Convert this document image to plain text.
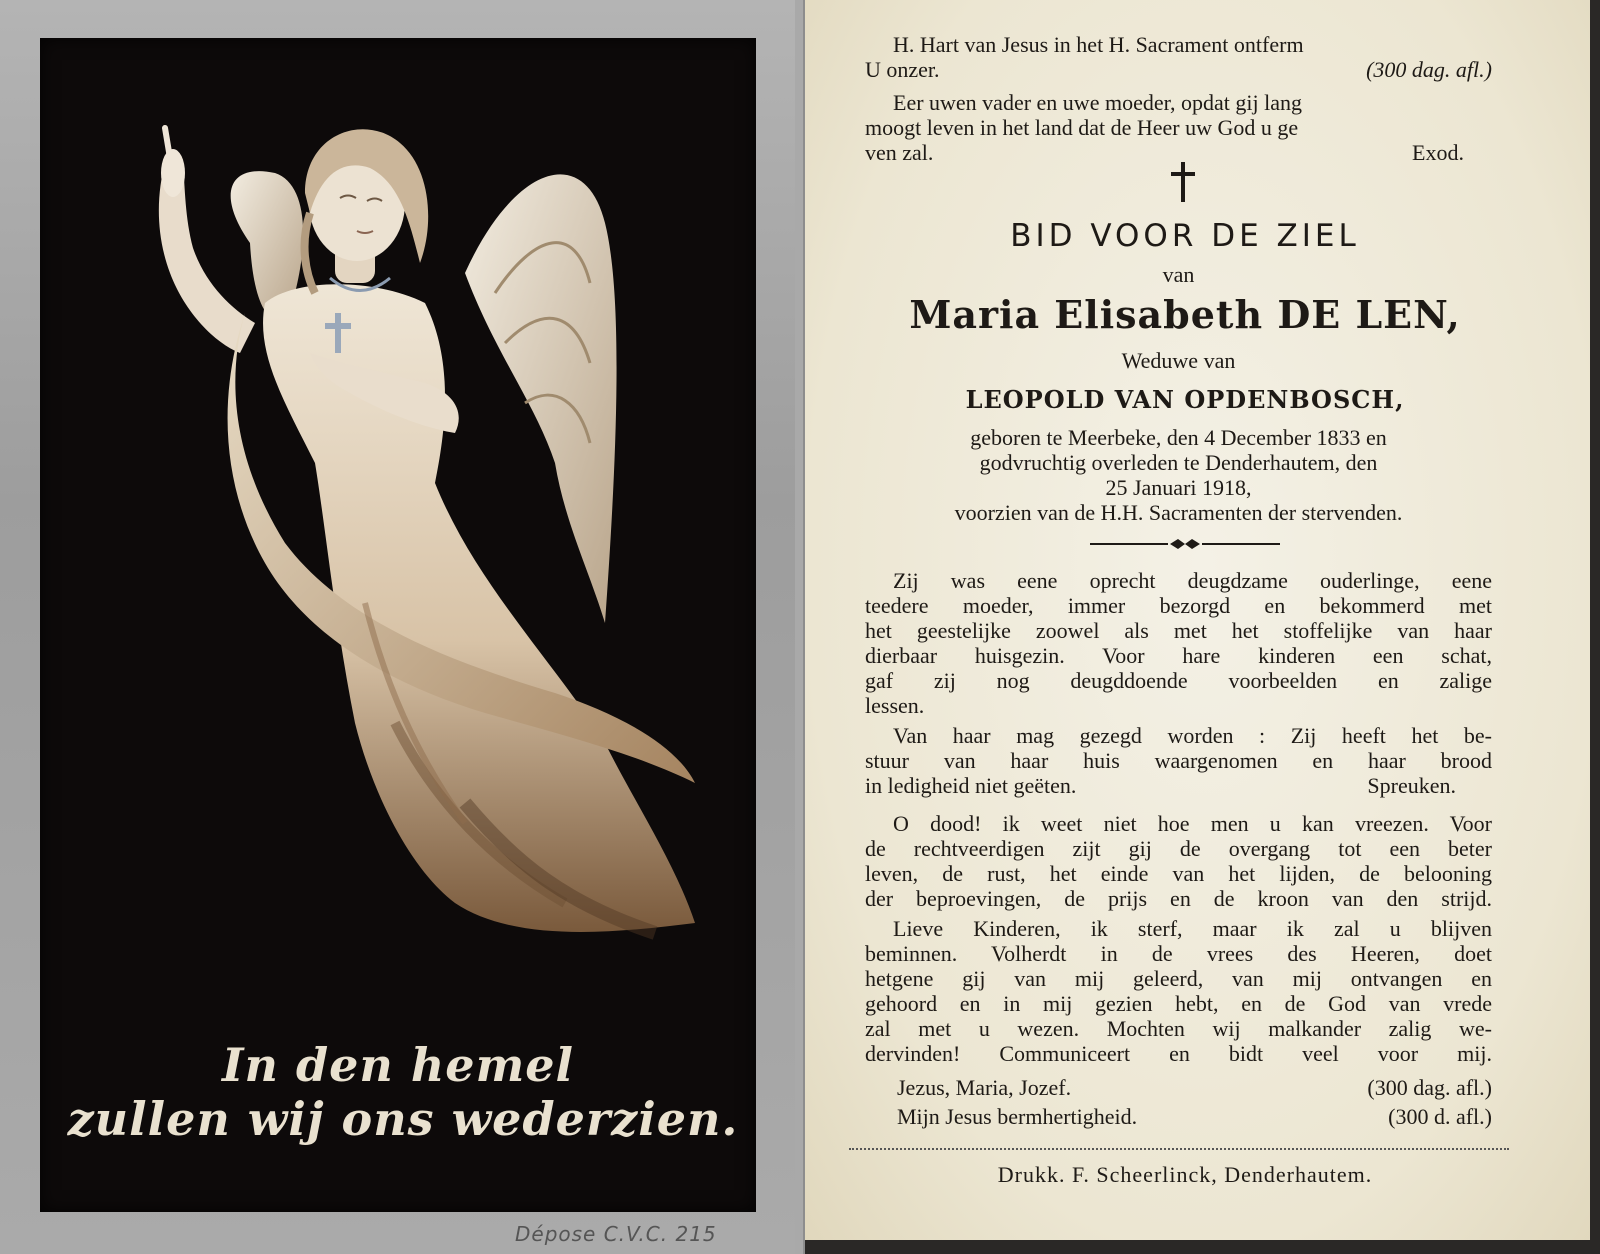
In den hemel
zullen wij ons wederzien.
Dépose C.V.C. 215
H. Hart van Jesus in het H. Sacrament ontferm
U onzer.	(300 dag. afl.)
Eer uwen vader en uwe moeder, opdat gij lang
moogt leven in het land dat de Heer uw God u ge
ven zal.	Exod.
BID VOOR DE ZIEL
van
Maria Elisabeth DE LEN,
Weduwe van
LEOPOLD VAN OPDENBOSCH,
geboren te Meerbeke, den 4 December 1833 en
godvruchtig overleden te Denderhautem, den
25 Januari 1918,
voorzien van de H.H. Sacramenten der stervenden.
Zij was eene oprecht deugdzame ouderlinge, eene
teedere moeder, immer bezorgd en bekommerd met
het geestelijke zoowel als met het stoffelijke van haar
dierbaar huisgezin. Voor hare kinderen een schat,
gaf zij nog deugddoende voorbeelden en zalige
lessen.
Van haar mag gezegd worden : Zij heeft het be-
stuur van haar huis waargenomen en haar brood
in ledigheid niet geëten.	Spreuken.
O dood! ik weet niet hoe men u kan vreezen. Voor
de rechtveerdigen zijt gij de overgang tot een beter
leven, de rust, het einde van het lijden, de belooning
der beproevingen, de prijs en de kroon van den strijd.
Lieve Kinderen, ik sterf, maar ik zal u blijven
beminnen. Volherdt in de vrees des Heeren, doet
hetgene gij van mij geleerd, van mij ontvangen en
gehoord en in mij gezien hebt, en de God van vrede
zal met u wezen. Mochten wij malkander zalig we-
dervinden! Communiceert en bidt veel voor mij.
Jezus, Maria, Jozef.	(300 dag. afl.)
Mijn Jesus bermhertigheid.	(300 d. afl.)
Drukk. F. Scheerlinck, Denderhautem.
